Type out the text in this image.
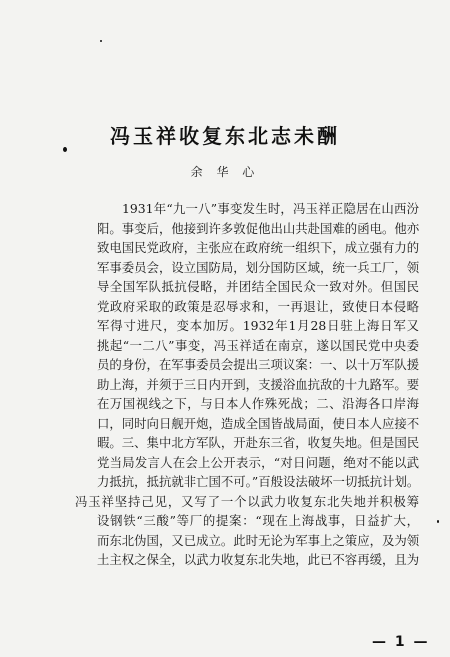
冯玉祥收复东北志未酬
余 华 心
1931年“九一八”事变发生时，冯玉祥正隐居在山西汾
阳。事变后，他接到许多敦促他出山共赴国难的函电。他亦
致电国民党政府，主张应在政府统一组织下，成立强有力的
军事委员会，设立国防局，划分国防区域，统一兵工厂，领
导全国军队抵抗侵略，并团结全国民众一致对外。但国民
党政府采取的政策是忍辱求和，一再退让，致使日本侵略
军得寸进尺，变本加厉。1932年1月28日驻上海日军又
挑起“一二八”事变，冯玉祥适在南京，遂以国民党中央委
员的身份，在军事委员会提出三项议案：一、以十万军队援
助上海，并须于三日内开到，支援浴血抗敌的十九路军。要
在万国视线之下，与日本人作殊死战；二、沿海各口岸海
口，同时向日舰开炮，造成全国皆战局面，使日本人应接不
暇。三、集中北方军队，开赴东三省，收复失地。但是国民
党当局发言人在会上公开表示，“对日问题，绝对不能以武
力抵抗，抵抗就非亡国不可。”百般设法破坏一切抵抗计划。
冯玉祥坚持己见，又写了一个以武力收复东北失地并积极筹
设钢铁“三酸”等厂的提案：“现在上海战事，日益扩大，
而东北伪国，又已成立。此时无论为军事上之策应，及为领
土主权之保全，以武力收复东北失地，此已不容再缓，且为
— 1 —
